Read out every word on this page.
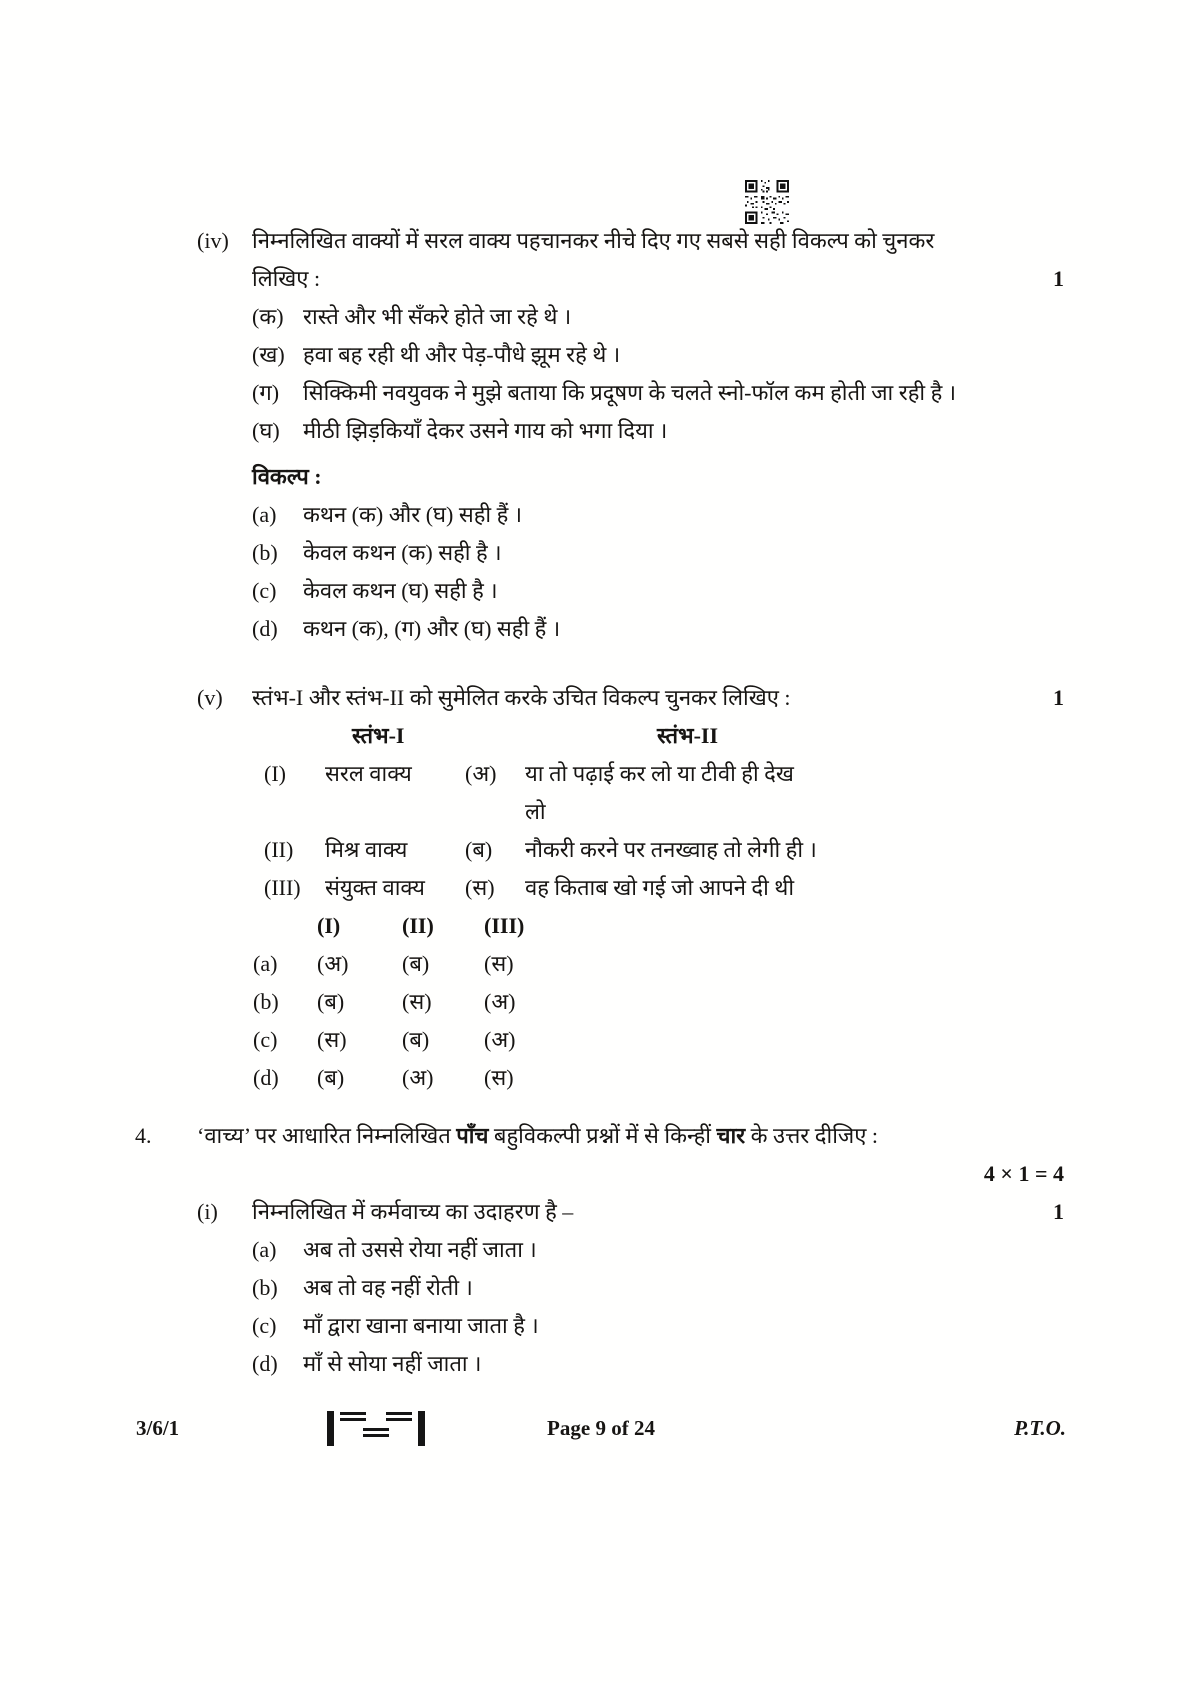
(iv)	निम्नलिखित वाक्यों में सरल वाक्य पहचानकर नीचे दिए गए सबसे सही विकल्प को चुनकर
लिखिए :	1
(क) रास्ते और भी सँकरे होते जा रहे थे ।
(ख) हवा बह रही थी और पेड़-पौधे झूम रहे थे ।
(ग)	सिक्किमी नवयुवक ने मुझे बताया कि प्रदूषण के चलते स्नो-फॉल कम होती जा रही है ।
(घ)	मीठी झिड़कियाँ देकर उसने गाय को भगा दिया ।
विकल्प :
(a)	कथन (क) और (घ) सही हैं ।
(b)	केवल कथन (क) सही है ।
(c)	केवल कथन (घ) सही है ।
(d)	कथन (क), (ग) और (घ) सही हैं ।
(v)	स्तंभ-I और स्तंभ-II को सुमेलित करके उचित विकल्प चुनकर लिखिए :	1
स्तंभ-I	स्तंभ-II
(I)	सरल वाक्य	(अ)	या तो पढ़ाई कर लो या टीवी ही देख
लो
(II)	मिश्र वाक्य	(ब)	नौकरी करने पर तनख्वाह तो लेगी ही ।
(III)	संयुक्त वाक्य	(स)	वह किताब खो गई जो आपने दी थी
(I)	(II)	(III)
(a)	(अ)	(ब)	(स)
(b)	(ब)	(स)	(अ)
(c)	(स)	(ब)	(अ)
(d)	(ब)	(अ)	(स)
4.	‘वाच्य’ पर आधारित निम्नलिखित पाँच बहुविकल्पी प्रश्नों में से किन्हीं चार के उत्तर दीजिए :
4 × 1 = 4
(i)	निम्नलिखित में कर्मवाच्य का उदाहरण है –	1
(a)	अब तो उससे रोया नहीं जाता ।
(b)	अब तो वह नहीं रोती ।
(c)	माँ द्वारा खाना बनाया जाता है ।
(d)	माँ से सोया नहीं जाता ।
3/6/1	Page 9 of 24	P.T.O.
